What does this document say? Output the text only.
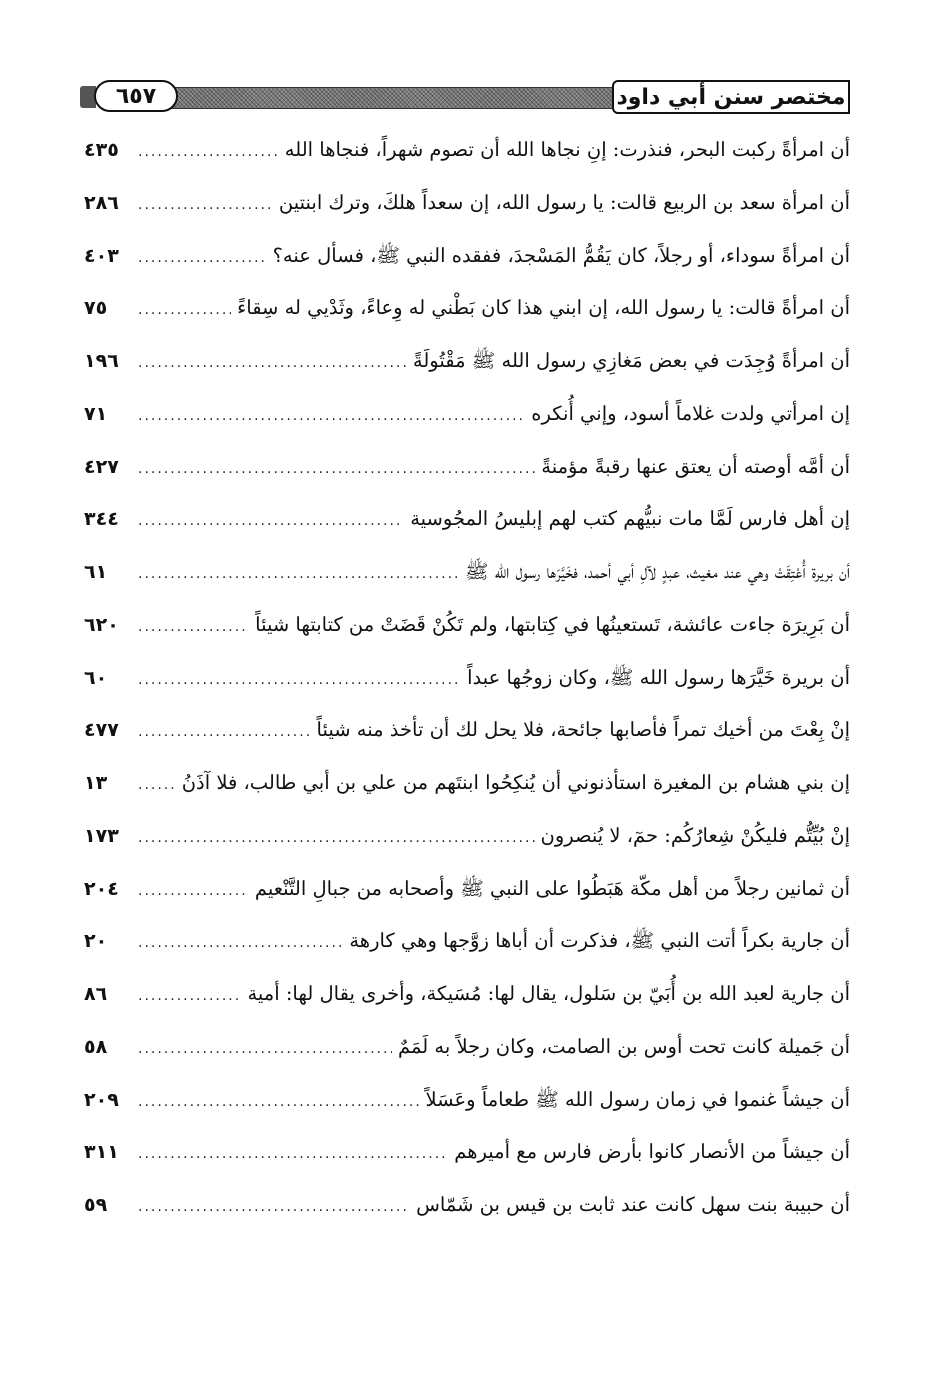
٦٥٧	مختصر سنن أبي داود
أن امرأةً ركبت البحر، فنذرت: إنِ نجاها الله أن تصوم شهراً، فنجاها الله
.....
٤٣٥
أن امرأة سعد بن الربيع قالت: يا رسول الله، إن سعداً هلكَ، وترك ابنتين
.....
٢٨٦
أن امرأةً سوداء، أو رجلاً، كان يَقُمُّ المَسْجدَ، ففقده النبي ﷺ، فسأل عنه؟
.....
٤٠٣
أن امرأةً قالت: يا رسول الله، إن ابني هذا كان بَطْني له وِعاءً، وثَدْيي له سِقاءً
.....
٧٥
أن امرأةً وُجِدَت في بعض مَغازِي رسول الله ﷺ مَقْتُولَةً
.....
١٩٦
إن امرأتي ولدت غلاماً أسود، وإني أُنكره
.....
٧١
أن أمَّه أوصته أن يعتق عنها رقبةً مؤمنةً
.....
٤٢٧
إن أهل فارس لَمَّا مات نبيُّهم كتب لهم إبليسُ المجُوسية
.....
٣٤٤
أن بريرة أُعْتِقَتْ وهي عند مغيث، عبدٍ لآلِ أبي أحمد، فخَيَّرَها رسول الله ﷺ
.....
٦١
أن بَرِيرَة جاءت عائشة، تَستعينُها في كِتابتها، ولم تَكُنْ قَضَتْ من كتابتها شيئاً
.....
٦٢٠
أن بريرة خَيَّرَها رسول الله ﷺ، وكان زوجُها عبداً
.....
٦٠
إنْ بِعْتَ من أخيك تمراً فأصابها جائحة، فلا يحل لك أن تأخذ منه شيئاً
.....
٤٧٧
إن بني هشام بن المغيرة استأذنوني أن يُنكِحُوا ابنتَهم من علي بن أبي طالب، فلا آذَنُ
.....
١٣
إنْ بُيِّتُّم فليكُنْ شِعارُكُم: حمٓ، لا يُنصرون
.....
١٧٣
أن ثمانين رجلاً من أهل مكّة هَبَطُوا على النبي ﷺ وأصحابه من جبالِ التَّنْعيم
.....
٢٠٤
أن جارية بكراً أتت النبي ﷺ، فذكرت أن أباها زوَّجها وهي كارهة
.....
٢٠
أن جارية لعبد الله بن أُبَيّ بن سَلول، يقال لها: مُسَيكة، وأخرى يقال لها: أمية
.....
٨٦
أن جَميلة كانت تحت أوس بن الصامت، وكان رجلاً به لَمَمٌ
.....
٥٨
أن جيشاً غنموا في زمان رسول الله ﷺ طعاماً وعَسَلاً
.....
٢٠٩
أن جيشاً من الأنصار كانوا بأرض فارس مع أميرهم
.....
٣١١
أن حبيبة بنت سهل كانت عند ثابت بن قيس بن شَمّاس
.....
٥٩
